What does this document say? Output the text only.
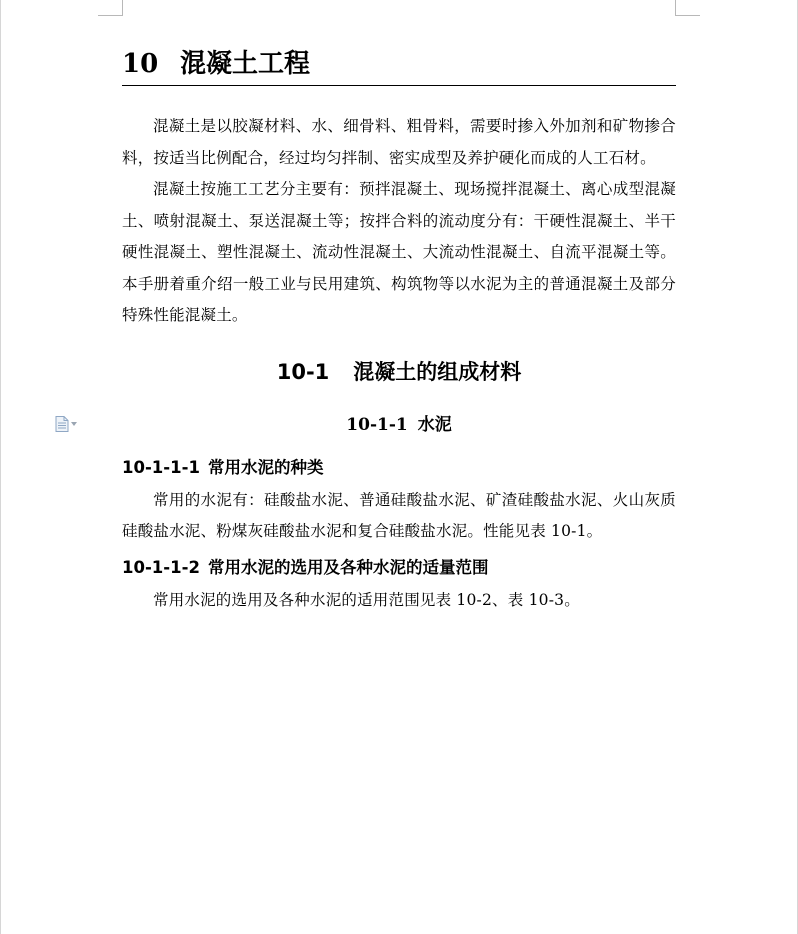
10 混凝土工程

混凝土是以胶凝材料、水、细骨料、粗骨料，需要时掺入外加剂和矿物掺合料，按适当比例配合，经过均匀拌制、密实成型及养护硬化而成的人工石材。

混凝土按施工工艺分主要有：预拌混凝土、现场搅拌混凝土、离心成型混凝土、喷射混凝土、泵送混凝土等；按拌合料的流动度分有：干硬性混凝土、半干硬性混凝土、塑性混凝土、流动性混凝土、大流动性混凝土、自流平混凝土等。本手册着重介绍一般工业与民用建筑、构筑物等以水泥为主的普通混凝土及部分特殊性能混凝土。

10-1 混凝土的组成材料
10-1-1 水泥
10-1-1-1 常用水泥的种类

常用的水泥有：硅酸盐水泥、普通硅酸盐水泥、矿渣硅酸盐水泥、火山灰质硅酸盐水泥、粉煤灰硅酸盐水泥和复合硅酸盐水泥。性能见表 10-1。

10-1-1-2 常用水泥的选用及各种水泥的适量范围

常用水泥的选用及各种水泥的适用范围见表 10-2、表 10-3。
